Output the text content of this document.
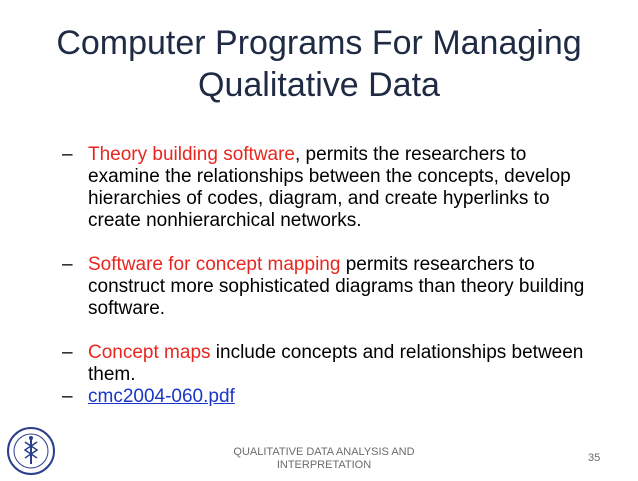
Computer Programs For Managing
Qualitative Data
– Theory building software, permits the researchers to examine the relationships between the concepts, develop hierarchies of codes, diagram, and create hyperlinks to create nonhierarchical networks.
– Software for concept mapping permits researchers to construct more sophisticated diagrams than theory building software.
– Concept maps include concepts and relationships between them.
– cmc2004-060.pdf
QUALITATIVE DATA ANALYSIS AND INTERPRETATION
35
